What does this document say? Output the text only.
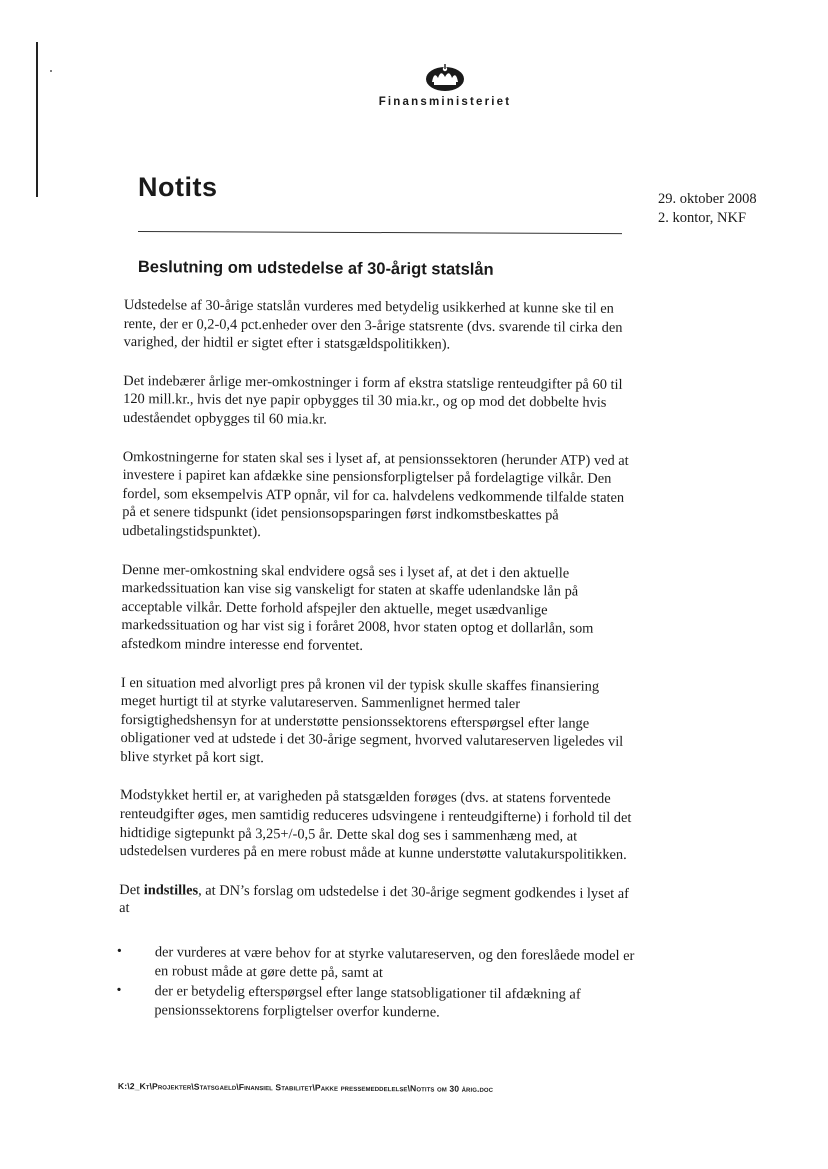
Finansministeriet
Notits	29. oktober 2008
2. kontor, NKF
Beslutning om udstedelse af 30-årigt statslån

Udstedelse af 30-årige statslån vurderes med betydelig usikkerhed at kunne ske til en rente, der er 0,2-0,4 pct.enheder over den 3-årige statsrente (dvs. svarende til cirka den varighed, der hidtil er sigtet efter i statsgældspolitikken).

Det indebærer årlige mer-omkostninger i form af ekstra statslige renteudgifter på 60 til 120 mill.kr., hvis det nye papir opbygges til 30 mia.kr., og op mod det dobbelte hvis udeståendet opbygges til 60 mia.kr.

Omkostningerne for staten skal ses i lyset af, at pensionssektoren (herunder ATP) ved at investere i papiret kan afdække sine pensionsforpligtelser på fordelagtige vilkår. Den fordel, som eksempelvis ATP opnår, vil for ca. halvdelens vedkommende tilfalde staten på et senere tidspunkt (idet pensionsopsparingen først indkomstbeskattes på udbetalingstidspunktet).

Denne mer-omkostning skal endvidere også ses i lyset af, at det i den aktuelle markedssituation kan vise sig vanskeligt for staten at skaffe udenlandske lån på acceptable vilkår. Dette forhold afspejler den aktuelle, meget usædvanlige markedssituation og har vist sig i foråret 2008, hvor staten optog et dollarlån, som afstedkom mindre interesse end forventet.

I en situation med alvorligt pres på kronen vil der typisk skulle skaffes finansiering meget hurtigt til at styrke valutareserven. Sammenlignet hermed taler forsigtighedshensyn for at understøtte pensionssektorens efterspørgsel efter lange obligationer ved at udstede i det 30-årige segment, hvorved valutareserven ligeledes vil blive styrket på kort sigt.

Modstykket hertil er, at varigheden på statsgælden forøges (dvs. at statens forventede renteudgifter øges, men samtidig reduceres udsvingene i renteudgifterne) i forhold til det hidtidige sigtepunkt på 3,25+/-0,5 år. Dette skal dog ses i sammenhæng med, at udstedelsen vurderes på en mere robust måde at kunne understøtte valutakurspolitikken.

Det indstilles, at DN’s forslag om udstedelse i det 30-årige segment godkendes i lyset af at

• der vurderes at være behov for at styrke valutareserven, og den foreslåede model er en robust måde at gøre dette på, samt at
• der er betydelig efterspørgsel efter lange statsobligationer til afdækning af pensionssektorens forpligtelser overfor kunderne.
K:\2_Kt\Projekter\Statsgaeld\Finansiel Stabilitet\Pakke pressemeddelelse\Notits om 30 årig.doc
